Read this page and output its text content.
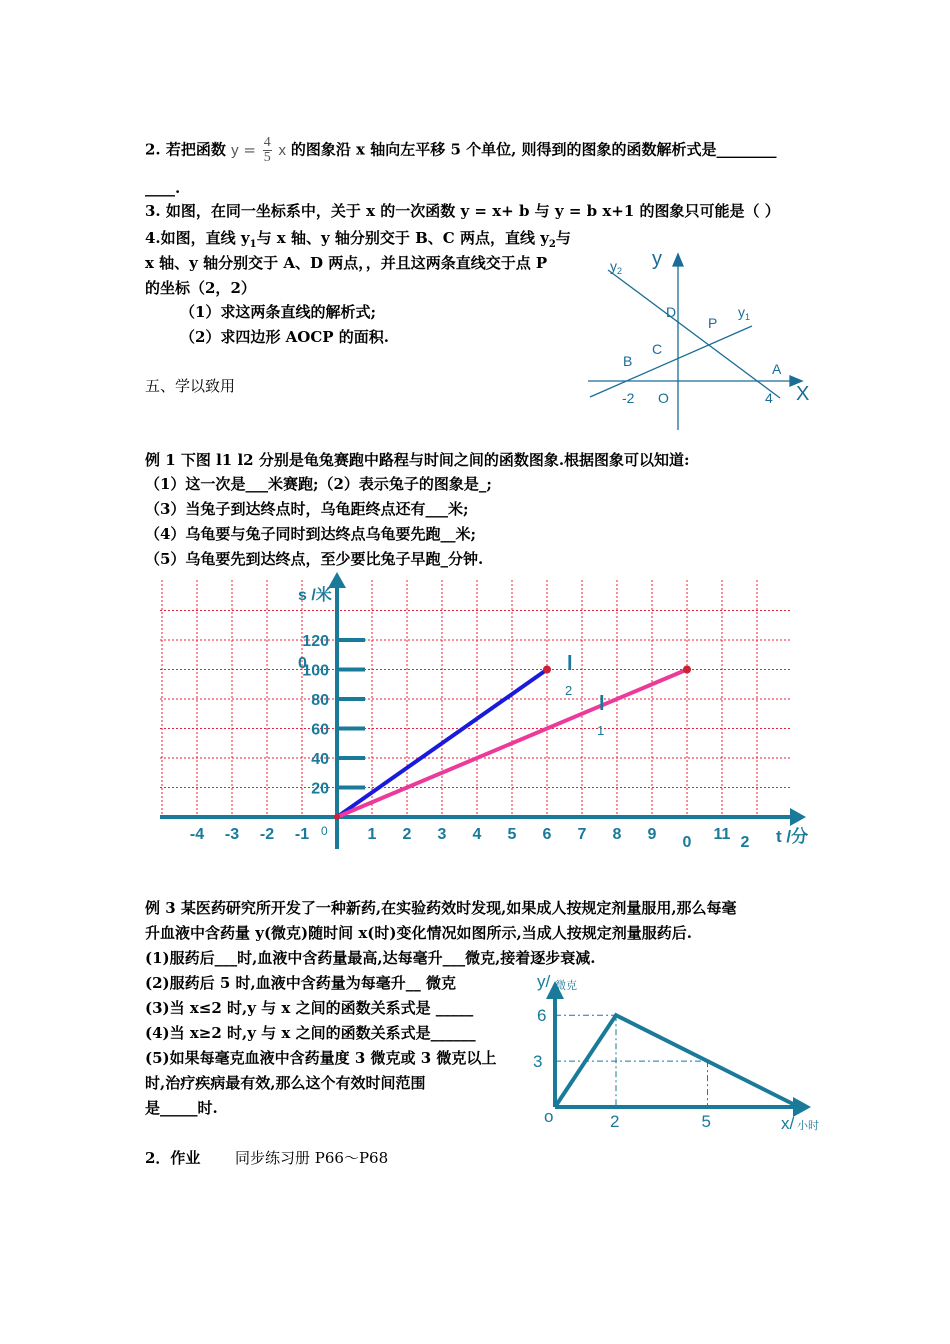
2. 若把函数 $y = \frac{4}{5}$ x 的图象沿 x 轴向左平移 5 个单位, 则得到的图象的函数解析式是________
____.
3. 如图，在同一坐标系中，关于 x 的一次函数 y = x+ b 与 y = b x+1 的图象只可能是（ ）
4.如图，直线 $y_1$与 x 轴、y 轴分别交于 B、C 两点，直线 $y_2$与
x 轴、y 轴分别交于 A、D 两点，，并且这两条直线交于点 P
的坐标（2，2）
（1）求这两条直线的解析式;
（2）求四边形 AOCP 的面积.
五、学以致用
$y_2$
y
$y_1$
D
P
C
B	A
X
-2 O	4
例 1 下图 l1 l2 分别是龟兔赛跑中路程与时间之间的函数图象.根据图象可以知道:
（1）这一次是___米赛跑;（2）表示兔子的图象是_;
（3）当兔子到达终点时，乌龟距终点还有___米;
（4）乌龟要与兔子同时到达终点乌龟要先跑__米;
（5）乌龟要先到达终点，至少要比兔子早跑_分钟.
-4 -3 -2 -1 0 1 2 3 4 5 6 7 8 9 0 11 2
20
40
60
80
100
120
0
s /米
t /分
l
2
l
1
例 3 某医药研究所开发了一种新药,在实验药效时发现,如果成人按规定剂量服用,那么每毫
升血液中含药量 y(微克)随时间 x(时)变化情况如图所示,当成人按规定剂量服药后.
(1)服药后___时,血液中含药量最高,达每毫升___微克,接着逐步衰减.
(2)服药后 5 时,血液中含药量为每毫升__ 微克
(3)当 x≤2 时,y 与 x 之间的函数关系式是 _____
(4)当 x≥2 时,y 与 x 之间的函数关系式是______
(5)如果每毫克血液中含药量度 3 微克或 3 微克以上
时,治疗疾病最有效,那么这个有效时间范围
是_____时.
y/ 微克
x/ 小时
o	2	5
6
3
2．作业 同步练习册 P66～P68
